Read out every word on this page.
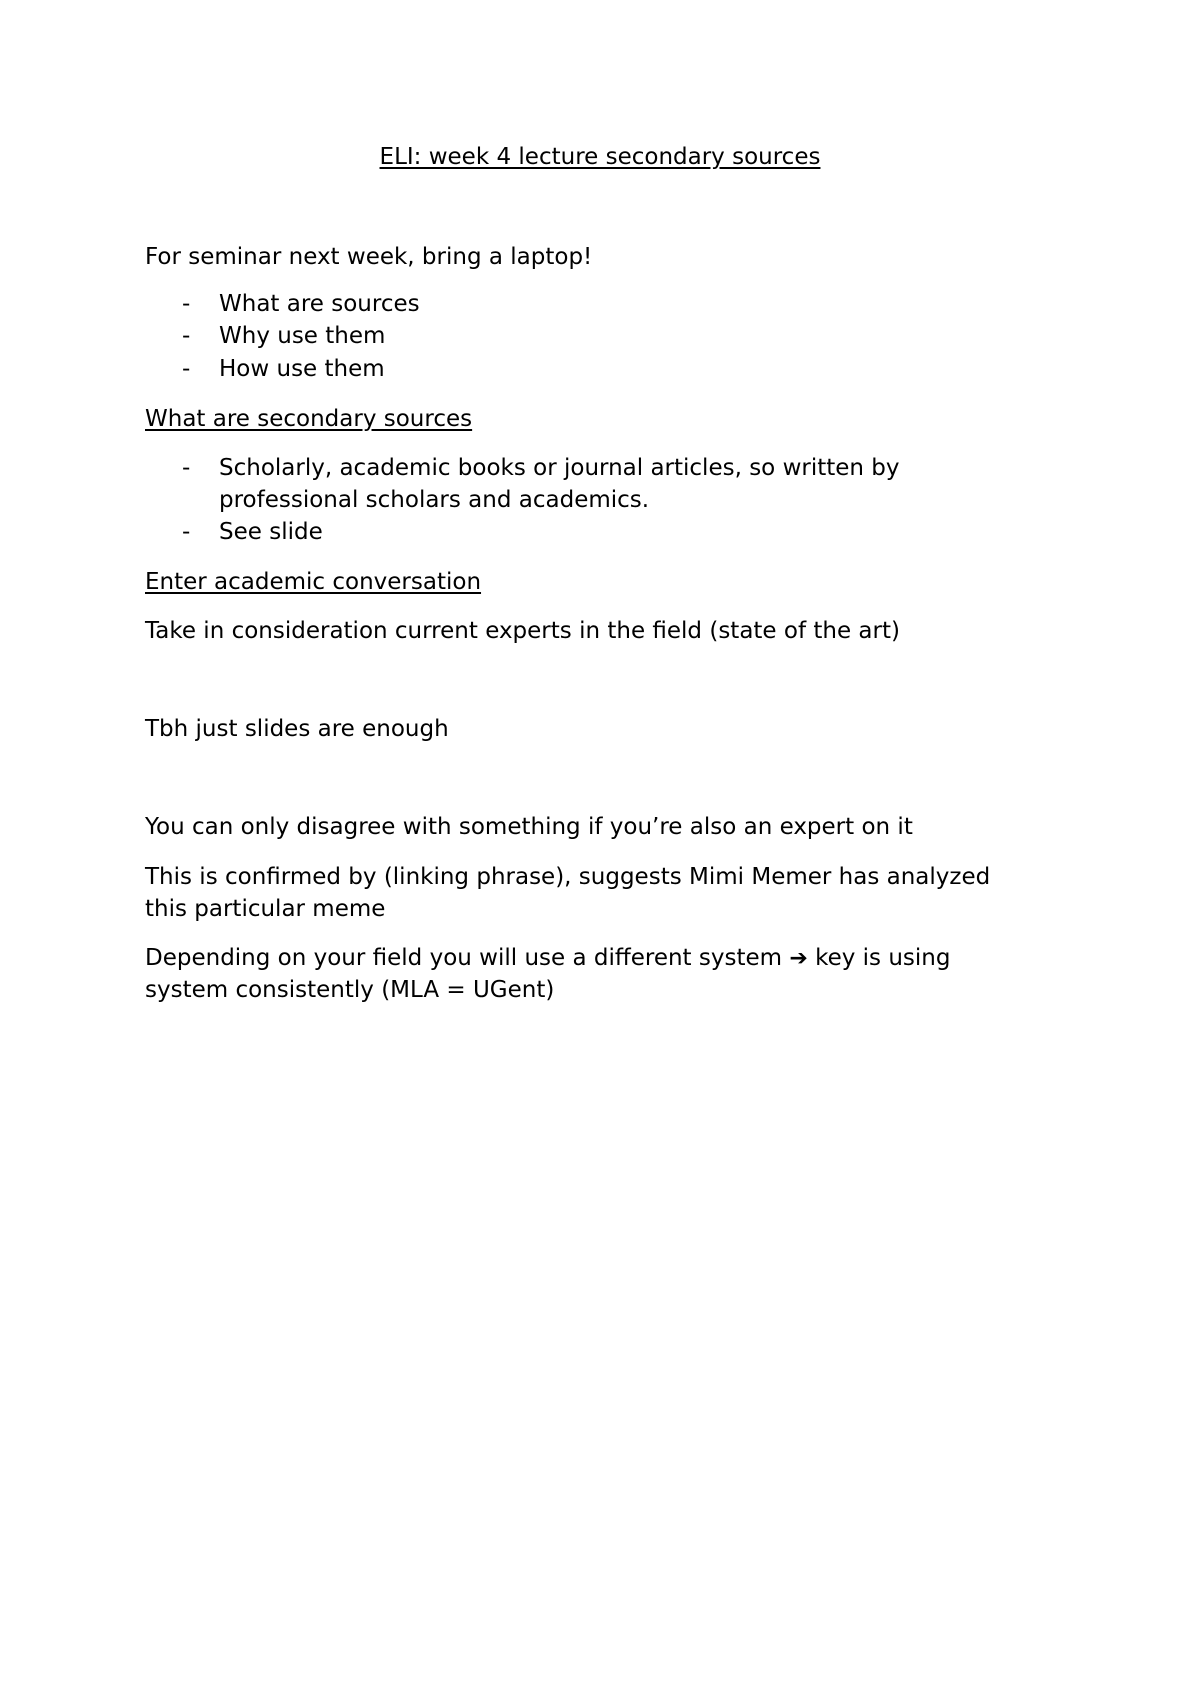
ELI: week 4 lecture secondary sources

For seminar next week, bring a laptop!

- What are sources

- Why use them

- How use them

What are secondary sources

- Scholarly, academic books or journal articles, so written by

professional scholars and academics.

- See slide

Enter academic conversation

Take in consideration current experts in the field (state of the art)

Tbh just slides are enough

You can only disagree with something if you’re also an expert on it

This is confirmed by (linking phrase), suggests Mimi Memer has analyzed

this particular meme

Depending on your field you will use a different system ➔ key is using

system consistently (MLA = UGent)
